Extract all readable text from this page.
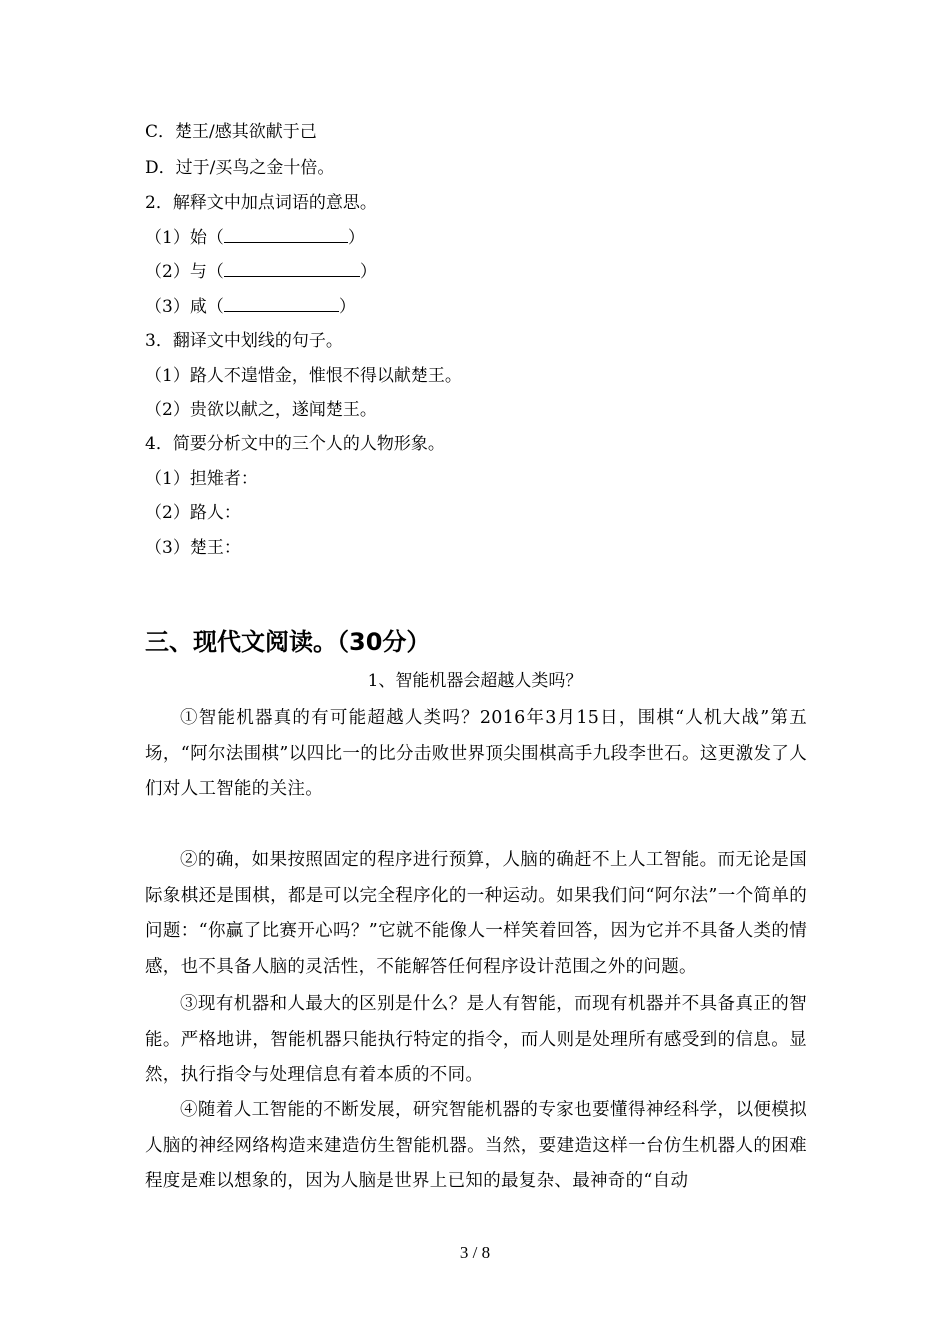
C．楚王/感其欲献于己
D．过于/买鸟之金十倍。
2．解释文中加点词语的意思。
（1）始（	）
（2）与（	）
（3）咸（	）
3．翻译文中划线的句子。
（1）路人不遑惜金，惟恨不得以献楚王。
（2）贵欲以献之，遂闻楚王。
4．简要分析文中的三个人的人物形象。
（1）担雉者：
（2）路人：
（3）楚王：
三、现代文阅读。（30分）
1、智能机器会超越人类吗？
①智能机器真的有可能超越人类吗？2016年3月15日，围棋“人机大战”第五场，“阿尔法围棋”以四比一的比分击败世界顶尖围棋高手九段李世石。这更激发了人们对人工智能的关注。
②的确，如果按照固定的程序进行预算，人脑的确赶不上人工智能。而无论是国际象棋还是围棋，都是可以完全程序化的一种运动。如果我们问“阿尔法”一个简单的问题：“你赢了比赛开心吗？”它就不能像人一样笑着回答，因为它并不具备人类的情感，也不具备人脑的灵活性，不能解答任何程序设计范围之外的问题。
③现有机器和人最大的区别是什么？是人有智能，而现有机器并不具备真正的智能。严格地讲，智能机器只能执行特定的指令，而人则是处理所有感受到的信息。显然，执行指令与处理信息有着本质的不同。
④随着人工智能的不断发展，研究智能机器的专家也要懂得神经科学，以便模拟人脑的神经网络构造来建造仿生智能机器。当然，要建造这样一台仿生机器人的困难程度是难以想象的，因为人脑是世界上已知的最复杂、最神奇的“自动
3 / 8
